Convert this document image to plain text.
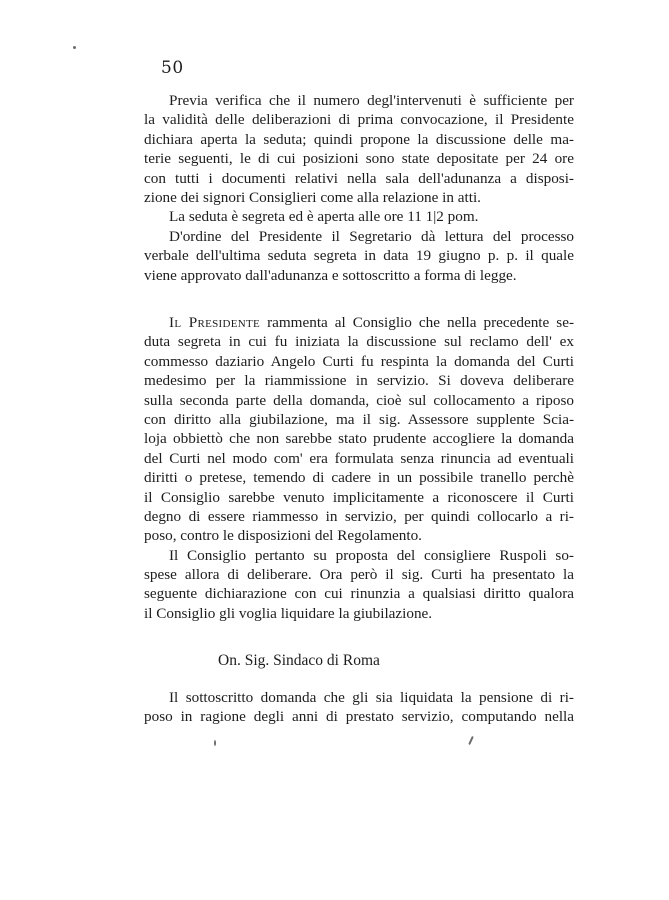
50
Previa verifica che il numero degl'intervenuti è sufficiente per
la validità delle deliberazioni di prima convocazione, il Presidente
dichiara aperta la seduta; quindi propone la discussione delle ma-
terie seguenti, le di cui posizioni sono state depositate per 24 ore
con tutti i documenti relativi nella sala dell'adunanza a disposi-
zione dei signori Consiglieri come alla relazione in atti.
La seduta è segreta ed è aperta alle ore 11 1|2 pom.
D'ordine del Presidente il Segretario dà lettura del processo
verbale dell'ultima seduta segreta in data 19 giugno p. p. il quale
viene approvato dall'adunanza e sottoscritto a forma di legge.
Il Presidente rammenta al Consiglio che nella precedente se-
duta segreta in cui fu iniziata la discussione sul reclamo dell' ex
commesso daziario Angelo Curti fu respinta la domanda del Curti
medesimo per la riammissione in servizio. Si doveva deliberare
sulla seconda parte della domanda, cioè sul collocamento a riposo
con diritto alla giubilazione, ma il sig. Assessore supplente Scia-
loja obbiettò che non sarebbe stato prudente accogliere la domanda
del Curti nel modo com' era formulata senza rinuncia ad eventuali
diritti o pretese, temendo di cadere in un possibile tranello perchè
il Consiglio sarebbe venuto implicitamente a riconoscere il Curti
degno di essere riammesso in servizio, per quindi collocarlo a ri-
poso, contro le disposizioni del Regolamento.
Il Consiglio pertanto su proposta del consigliere Ruspoli so-
spese allora di deliberare. Ora però il sig. Curti ha presentato la
seguente dichiarazione con cui rinunzia a qualsiasi diritto qualora
il Consiglio gli voglia liquidare la giubilazione.
On. Sig. Sindaco di Roma
Il sottoscritto domanda che gli sia liquidata la pensione di ri-
poso in ragione degli anni di prestato servizio, computando nella
